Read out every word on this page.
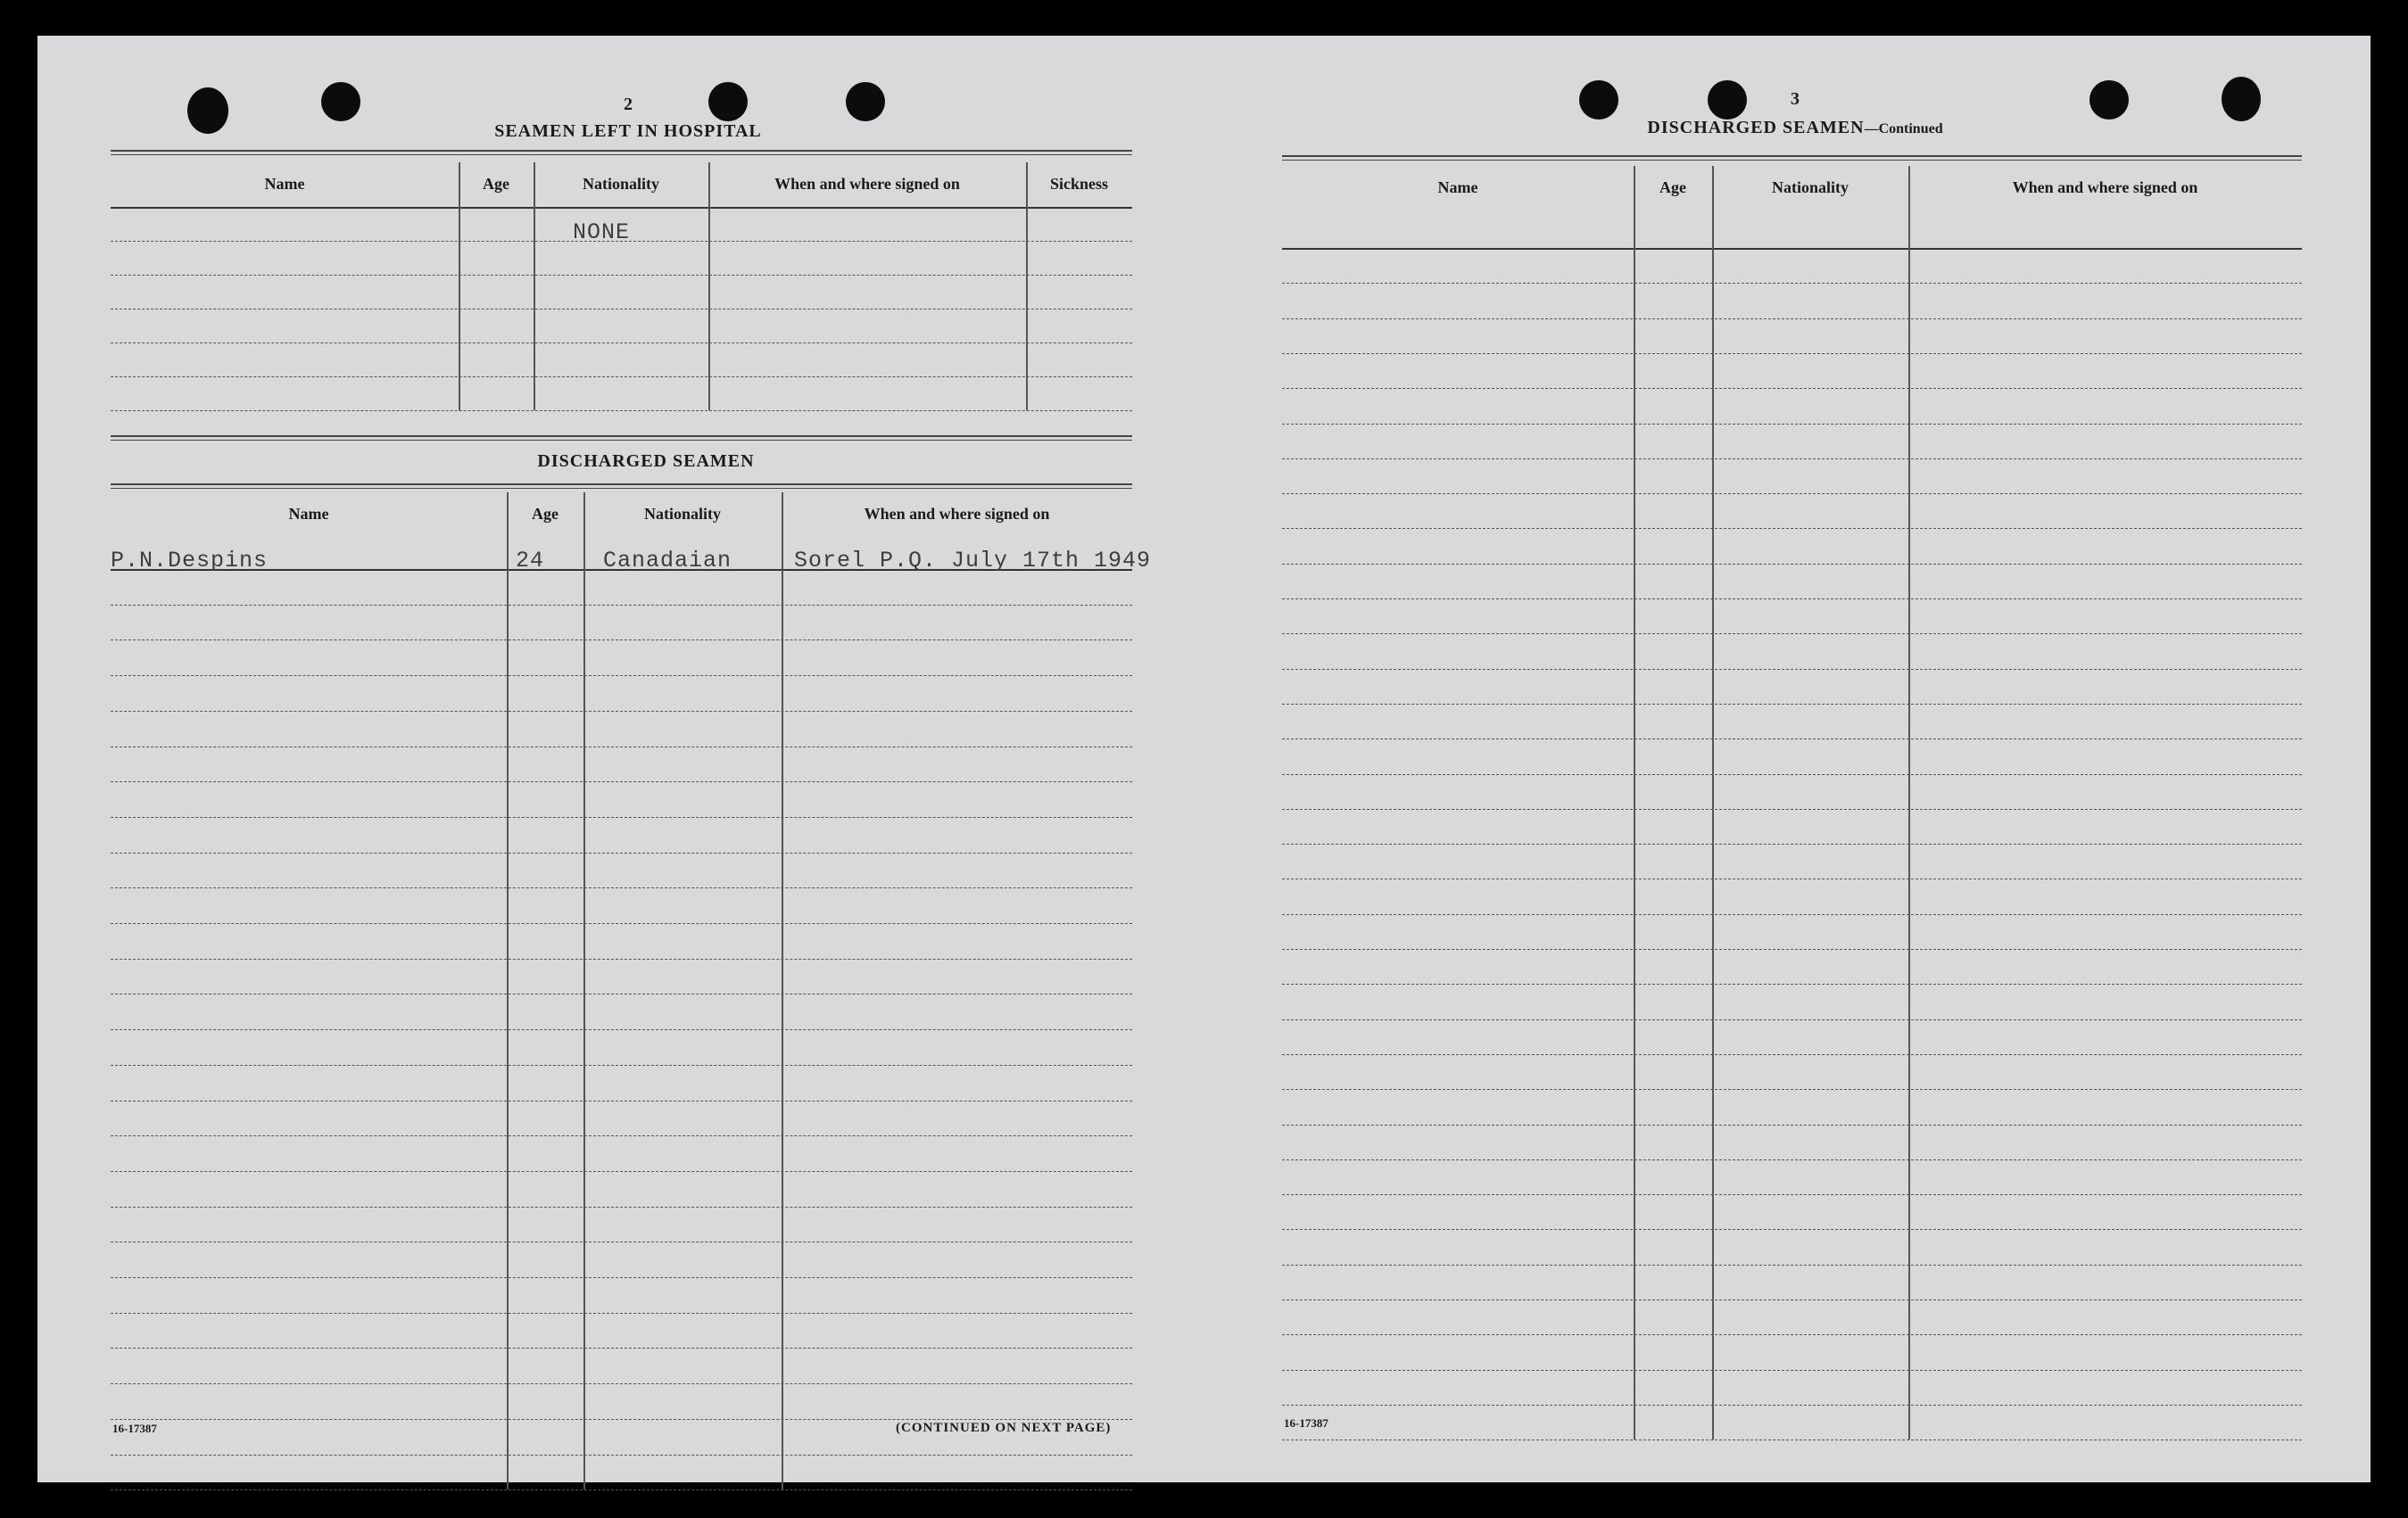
2
SEAMEN LEFT IN HOSPITAL
Name	Age	Nationality	When and where signed on	Sickness
NONE
DISCHARGED SEAMEN
Name	Age	Nationality	When and where signed on
P.N.Despins	24	Canadaian	Sorel P.Q. July 17th 1949
16-17387	(CONTINUED ON NEXT PAGE)
3
DISCHARGED SEAMEN—Continued
Name	Age	Nationality	When and where signed on
16-17387
